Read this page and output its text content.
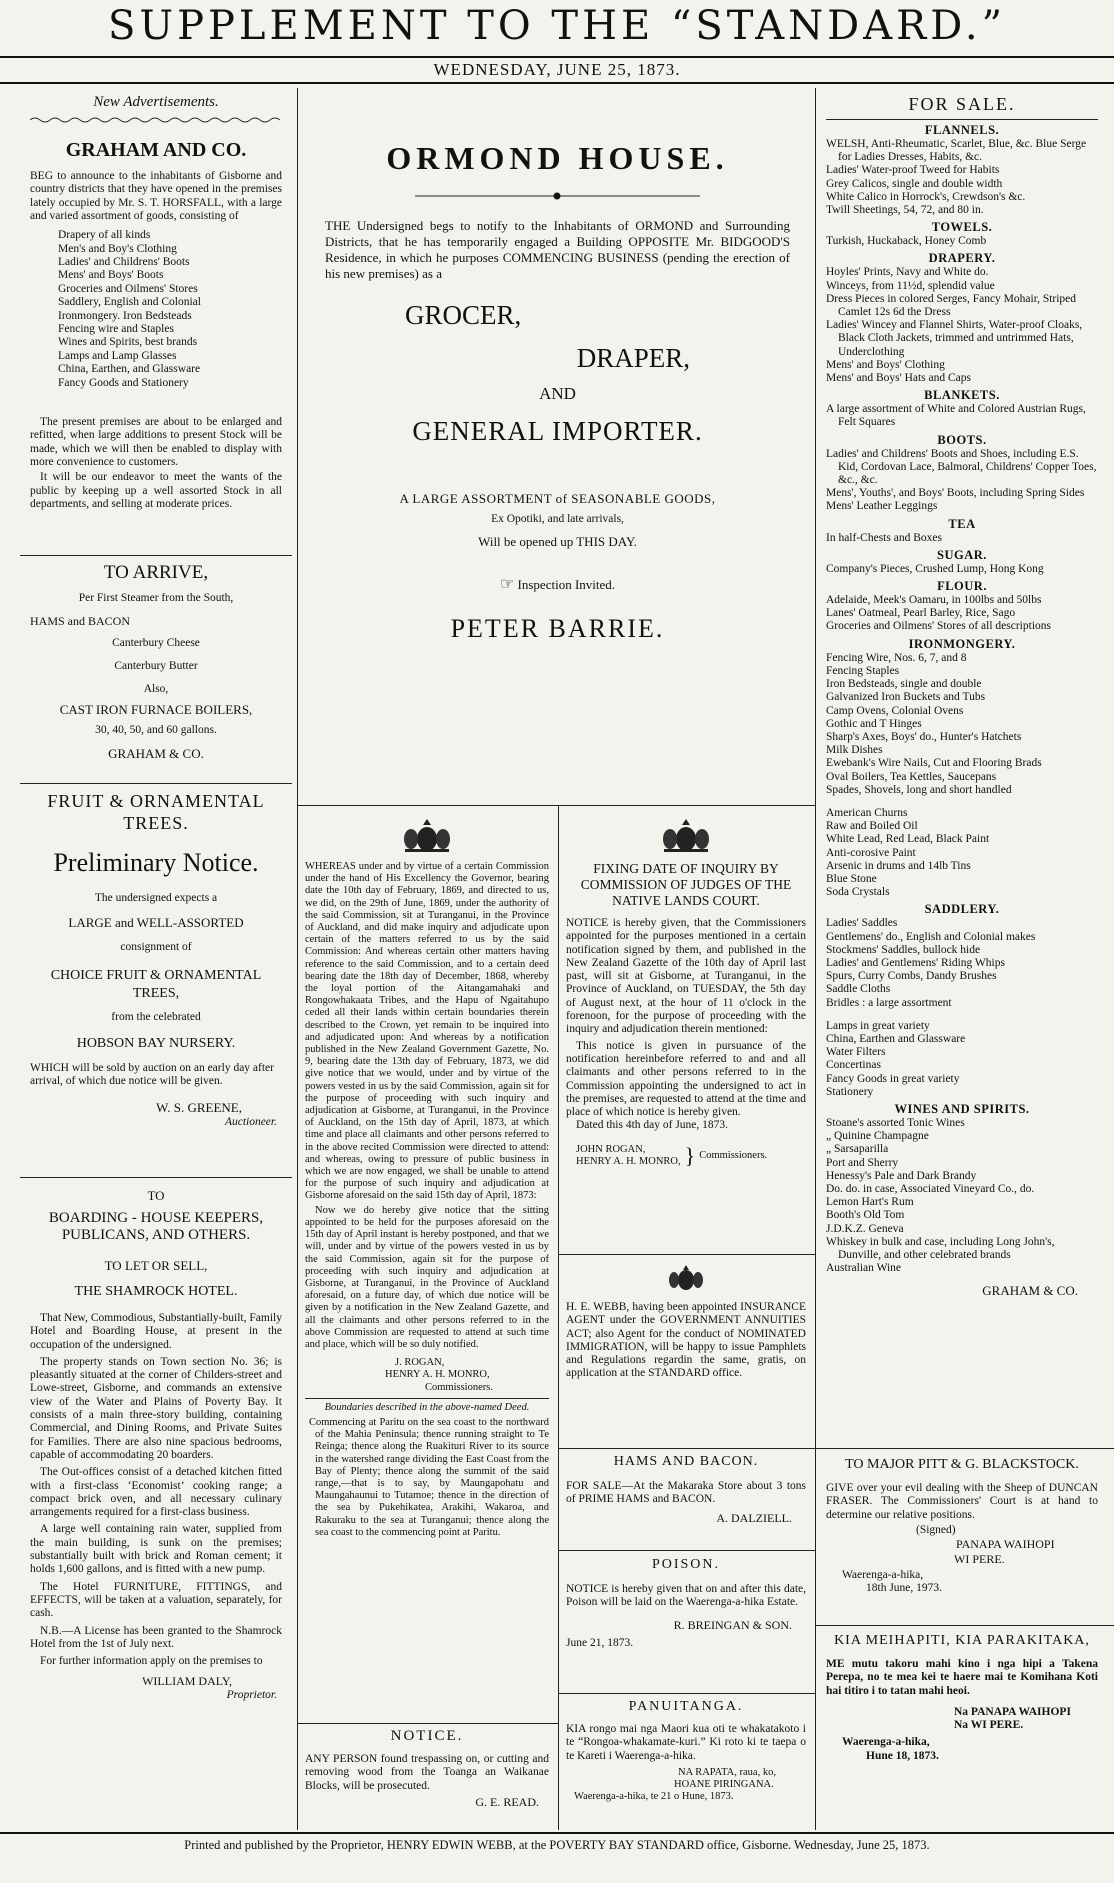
SUPPLEMENT TO THE “STANDARD.”
WEDNESDAY, JUNE 25, 1873.
New Advertisements.
GRAHAM AND CO.

BEG to announce to the inhabitants of Gisborne and country districts that they have opened in the premises lately occupied by Mr. S. T. HORSFALL, with a large and varied assortment of goods, consisting of

Drapery of all kinds
Men's and Boy's Clothing
Ladies' and Childrens' Boots
Mens' and Boys' Boots
Groceries and Oilmens' Stores
Saddlery, English and Colonial
Ironmongery. Iron Bedsteads
Fencing wire and Staples
Wines and Spirits, best brands
Lamps and Lamp Glasses
China, Earthen, and Glassware
Fancy Goods and Stationery

The present premises are about to be enlarged and refitted, when large additions to present Stock will be made, which we will then be enabled to display with more convenience to customers.

It will be our endeavor to meet the wants of the public by keeping up a well assorted Stock in all departments, and selling at moderate prices.

TO ARRIVE,
Per First Steamer from the South,
HAMS and BACON
Canterbury Cheese
Canterbury Butter
Also,
CAST IRON FURNACE BOILERS,
30, 40, 50, and 60 gallons.
GRAHAM & CO.
FRUIT & ORNAMENTAL TREES.
Preliminary Notice.
The undersigned expects a
LARGE and WELL-ASSORTED
consignment of
CHOICE FRUIT & ORNAMENTAL TREES,
from the celebrated
HOBSON BAY NURSERY.

WHICH will be sold by auction on an early day after arrival, of which due notice will be given.

W. S. GREENE,
Auctioneer.
TO
BOARDING - HOUSE KEEPERS, PUBLICANS, AND OTHERS.
TO LET OR SELL,
THE SHAMROCK HOTEL.

That New, Commodious, Substantially-built, Family Hotel and Boarding House, at present in the occupation of the undersigned.

The property stands on Town section No. 36; is pleasantly situated at the corner of Childers-street and Lowe-street, Gisborne, and commands an extensive view of the Water and Plains of Poverty Bay. It consists of a main three-story building, containing Commercial, and Dining Rooms, and Private Suites for Families. There are also nine spacious bedrooms, capable of accommodating 20 boarders.

The Out-offices consist of a detached kitchen fitted with a first-class ‘Economist’ cooking range; a compact brick oven, and all necessary culinary arrangements required for a first-class business.

A large well containing rain water, supplied from the main building, is sunk on the premises; substantially built with brick and Roman cement; it holds 1,600 gallons, and is fitted with a new pump.

The Hotel FURNITURE, FITTINGS, and EFFECTS, will be taken at a valuation, separately, for cash.

N.B.—A License has been granted to the Shamrock Hotel from the 1st of July next.

For further information apply on the premises to

WILLIAM DALY,
Proprietor.
ORMOND HOUSE.

THE Undersigned begs to notify to the Inhabitants of ORMOND and Surrounding Districts, that he has temporarily engaged a Building OPPOSITE Mr. BIDGOOD'S Residence, in which he purposes COMMENCING BUSINESS (pending the erection of his new premises) as a

GROCER,
DRAPER,
AND
GENERAL IMPORTER.
A LARGE ASSORTMENT of SEASONABLE GOODS,
Ex Opotiki, and late arrivals,
Will be opened up THIS DAY.
☞ Inspection Invited.
PETER BARRIE.

WHEREAS under and by virtue of a certain Commission under the hand of His Excellency the Governor, bearing date the 10th day of February, 1869, and directed to us, we did, on the 29th of June, 1869, under the authority of the said Commission, sit at Turanganui, in the Province of Auckland, and did make inquiry and adjudicate upon certain of the matters referred to us by the said Commission: And whereas certain other matters having reference to the said Commission, and to a certain deed bearing date the 18th day of December, 1868, whereby the loyal portion of the Aitangamahaki and Rongowhakaata Tribes, and the Hapu of Ngaitahupo ceded all their lands within certain boundaries therein described to the Crown, yet remain to be inquired into and adjudicated upon: And whereas by a notification published in the New Zealand Government Gazette, No. 9, bearing date the 13th day of February, 1873, we did give notice that we would, under and by virtue of the powers vested in us by the said Commission, again sit for the purpose of proceeding with such inquiry and adjudication at Gisborne, at Turanganui, in the Province of Auckland, on the 15th day of April, 1873, at which time and place all claimants and other persons referred to in the above recited Commission were directed to attend: and whereas, owing to pressure of public business in which we are now engaged, we shall be unable to attend for the purpose of such inquiry and adjudication at Gisborne aforesaid on the said 15th day of April, 1873:

Now we do hereby give notice that the sitting appointed to be held for the purposes aforesaid on the 15th day of April instant is hereby postponed, and that we will, under and by virtue of the powers vested in us by the said Commission, again sit for the purpose of proceeding with such inquiry and adjudication at Gisborne, at Turanganui, in the Province of Auckland aforesaid, on a future day, of which due notice will be given by a notification in the New Zealand Gazette, and all the claimants and other persons referred to in the above Commission are requested to attend at such time and place, which will be so duly notified.

J. ROGAN,
HENRY A. H. MONRO,
Commissioners.
Boundaries described in the above-named Deed.

Commencing at Paritu on the sea coast to the northward of the Mahia Peninsula; thence running straight to Te Reinga; thence along the Ruakituri River to its source in the watershed range dividing the East Coast from the Bay of Plenty; thence along the summit of the said range,—that is to say, by Maungapohatu and Maungahaunui to Tutamoe; thence in the direction of the sea by Pukehikatea, Arakihi, Wakaroa, and Rakuraku to the sea at Turanganui; thence along the sea coast to the commencing point at Paritu.

NOTICE.

ANY PERSON found trespassing on, or cutting and removing wood from the Toanga an Waikanae Blocks, will be prosecuted.

G. E. READ.
FIXING DATE OF INQUIRY BY COMMISSION OF JUDGES OF THE NATIVE LANDS COURT.

NOTICE is hereby given, that the Commissioners appointed for the purposes mentioned in a certain notification signed by them, and published in the New Zealand Gazette of the 10th day of April last past, will sit at Gisborne, at Turanganui, in the Province of Auckland, on TUESDAY, the 5th day of August next, at the hour of 11 o'clock in the forenoon, for the purpose of proceeding with the inquiry and adjudication therein mentioned:

This notice is given in pursuance of the notification hereinbefore referred to and and all claimants and other persons referred to in the Commission appointing the undersigned to act in the premises, are requested to attend at the time and place of which notice is hereby given.

Dated this 4th day of June, 1873.
JOHN ROGAN,
HENRY A. H. MONRO, } Commissioners.

H. E. WEBB, having been appointed INSURANCE AGENT under the GOVERNMENT ANNUITIES ACT; also Agent for the conduct of NOMINATED IMMIGRATION, will be happy to issue Pamphlets and Regulations regardin the same, gratis, on application at the STANDARD office.

HAMS AND BACON.

FOR SALE—At the Makaraka Store about 3 tons of PRIME HAMS and BACON.

A. DALZIELL.
POISON.

NOTICE is hereby given that on and after this date, Poison will be laid on the Waerenga-a-hika Estate.

R. BREINGAN & SON.
June 21, 1873.
PANUITANGA.

KIA rongo mai nga Maori kua oti te whakatakoto i te “Rongoa-whakamate-kuri.” Ki roto ki te taepa o te Kareti i Waerenga-a-hika.

NA RAPATA, raua, ko,
HOANE PIRINGANA.
Waerenga-a-hika, te 21 o Hune, 1873.
FOR SALE.
FLANNELS.
WELSH, Anti-Rheumatic, Scarlet, Blue, &c. Blue Serge for Ladies Dresses, Habits, &c.
Ladies' Water-proof Tweed for Habits
Grey Calicos, single and double width
White Calico in Horrock's, Crewdson's &c.
Twill Sheetings, 54, 72, and 80 in.
TOWELS.
Turkish, Huckaback, Honey Comb
DRAPERY.
Hoyles' Prints, Navy and White do.
Winceys, from 11½d, splendid value
Dress Pieces in colored Serges, Fancy Mohair, Striped Camlet 12s 6d the Dress
Ladies' Wincey and Flannel Shirts, Water-proof Cloaks, Black Cloth Jackets, trimmed and untrimmed Hats, Underclothing
Mens' and Boys' Clothing
Mens' and Boys' Hats and Caps
BLANKETS.
A large assortment of White and Colored Austrian Rugs, Felt Squares
BOOTS.
Ladies' and Childrens' Boots and Shoes, including E.S. Kid, Cordovan Lace, Balmoral, Childrens' Copper Toes, &c., &c.
Mens', Youths', and Boys' Boots, including Spring Sides
Mens' Leather Leggings
TEA
In half-Chests and Boxes
SUGAR.
Company's Pieces, Crushed Lump, Hong Kong
FLOUR.
Adelaide, Meek's Oamaru, in 100lbs and 50lbs
Lanes' Oatmeal, Pearl Barley, Rice, Sago
Groceries and Oilmens' Stores of all descriptions
IRONMONGERY.
Fencing Wire, Nos. 6, 7, and 8
Fencing Staples
Iron Bedsteads, single and double
Galvanized Iron Buckets and Tubs
Camp Ovens, Colonial Ovens
Gothic and T Hinges
Sharp's Axes, Boys' do., Hunter's Hatchets
Milk Dishes
Ewebank's Wire Nails, Cut and Flooring Brads
Oval Boilers, Tea Kettles, Saucepans
Spades, Shovels, long and short handled
American Churns
Raw and Boiled Oil
White Lead, Red Lead, Black Paint
Anti-corosive Paint
Arsenic in drums and 14lb Tins
Blue Stone
Soda Crystals
SADDLERY.
Ladies' Saddles
Gentlemens' do., English and Colonial makes
Stockmens' Saddles, bullock hide
Ladies' and Gentlemens' Riding Whips
Spurs, Curry Combs, Dandy Brushes
Saddle Cloths
Bridles : a large assortment
Lamps in great variety
China, Earthen and Glassware
Water Filters
Concertinas
Fancy Goods in great variety
Stationery
WINES AND SPIRITS.
Stoane's assorted Tonic Wines
„ Quinine Champagne
„ Sarsaparilla
Port and Sherry
Henessy's Pale and Dark Brandy
Do. do. in case, Associated Vineyard Co., do.
Lemon Hart's Rum
Booth's Old Tom
J.D.K.Z. Geneva
Whiskey in bulk and case, including Long John's, Dunville, and other celebrated brands
Australian Wine
GRAHAM & CO.
TO MAJOR PITT & G. BLACKSTOCK.

GIVE over your evil dealing with the Sheep of DUNCAN FRASER. The Commissioners' Court is at hand to determine our relative positions.

(Signed)
PANAPA WAIHOPI
WI PERE.
Waerenga-a-hika,
18th June, 1973.
KIA MEIHAPITI, KIA PARAKITAKA,

ME mutu takoru mahi kino i nga hipi a Takena Perepa, no te mea kei te haere mai te Komihana Koti hai titiro i to tatan mahi heoi.

Na PANAPA WAIHOPI
Na WI PERE.
Waerenga-a-hika,
Hune 18, 1873.
Printed and published by the Proprietor, HENRY EDWIN WEBB, at the POVERTY BAY STANDARD office, Gisborne. Wednesday, June 25, 1873.
